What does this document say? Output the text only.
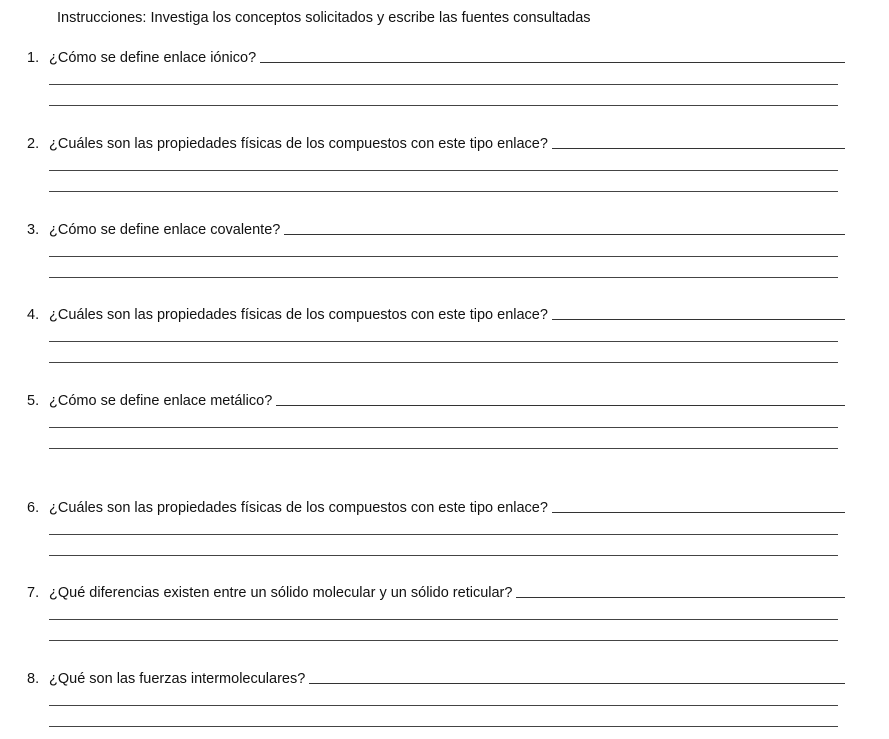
Instrucciones: Investiga los conceptos solicitados y escribe las fuentes consultadas
1. ¿Cómo se define enlace iónico?
2. ¿Cuáles son las propiedades físicas de los compuestos con este tipo enlace?
3. ¿Cómo se define enlace covalente?
4. ¿Cuáles son las propiedades físicas de los compuestos con este tipo enlace?
5. ¿Cómo se define enlace metálico?
6. ¿Cuáles son las propiedades físicas de los compuestos con este tipo enlace?
7. ¿Qué diferencias existen entre un sólido molecular y un sólido reticular?
8. ¿Qué son las fuerzas intermoleculares?
